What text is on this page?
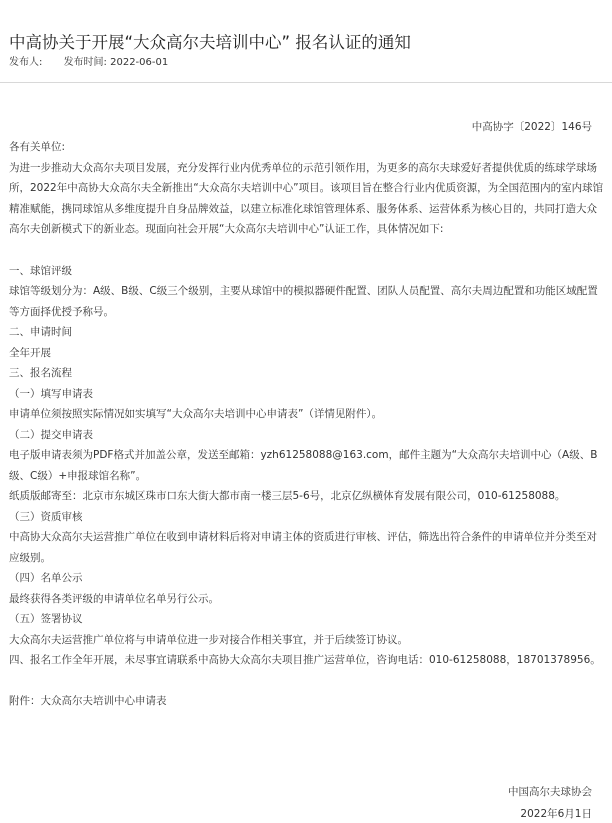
中高协关于开展“大众高尔夫培训中心” 报名认证的通知
发布人: 发布时间: 2022-06-01
中高协字〔2022〕146号

各有关单位:

为进一步推动大众高尔夫项目发展，充分发挥行业内优秀单位的示范引领作用，为更多的高尔夫球爱好者提供优质的练球学球场所，2022年中高协大众高尔夫全新推出“大众高尔夫培训中心”项目。该项目旨在整合行业内优质资源，为全国范围内的室内球馆精准赋能，携同球馆从多维度提升自身品牌效益，以建立标准化球馆管理体系、服务体系、运营体系为核心目的，共同打造大众高尔夫创新模式下的新业态。现面向社会开展“大众高尔夫培训中心”认证工作，具体情况如下:

一、球馆评级

球馆等级划分为：A级、B级、C级三个级别，主要从球馆中的模拟器硬件配置、团队人员配置、高尔夫周边配置和功能区域配置等方面择优授予称号。

二、申请时间

全年开展

三、报名流程

（一）填写申请表

申请单位须按照实际情况如实填写“大众高尔夫培训中心申请表”（详情见附件）。

（二）提交申请表

电子版申请表须为PDF格式并加盖公章，发送至邮箱：yzh61258088@163.com，邮件主题为“大众高尔夫培训中心（A级、B级、C级）+申报球馆名称”。

纸质版邮寄至：北京市东城区珠市口东大街大都市南一楼三层5-6号，北京亿纵横体育发展有限公司，010-61258088。

（三）资质审核

中高协大众高尔夫运营推广单位在收到申请材料后将对申请主体的资质进行审核、评估，筛选出符合条件的申请单位并分类至对应级别。

（四）名单公示

最终获得各类评级的申请单位名单另行公示。

（五）签署协议

大众高尔夫运营推广单位将与申请单位进一步对接合作相关事宜，并于后续签订协议。

四、报名工作全年开展，未尽事宜请联系中高协大众高尔夫项目推广运营单位，咨询电话：010-61258088，18701378956。

附件：大众高尔夫培训中心申请表

中国高尔夫球协会
2022年6月1日
